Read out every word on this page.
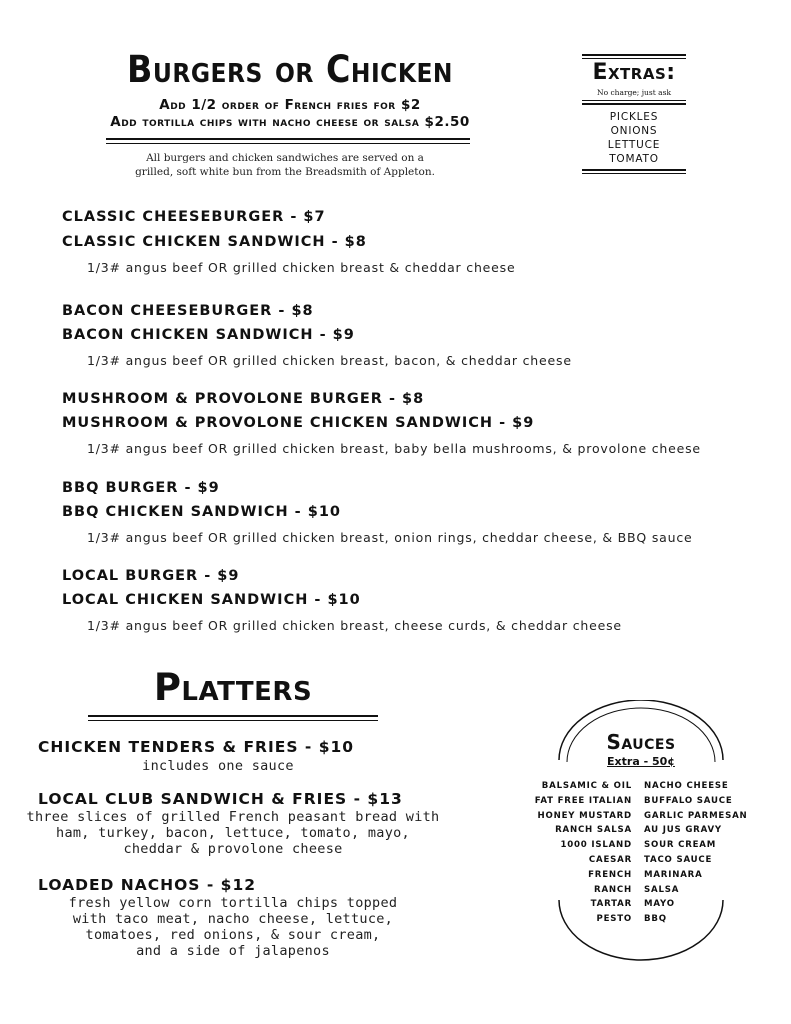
Burgers or Chicken
Add 1/2 order of French fries for $2
Add tortilla chips with nacho cheese or salsa $2.50
All burgers and chicken sandwiches are served on a
grilled, soft white bun from the Breadsmith of Appleton.
Extras:
No charge; just ask
PICKLES
ONIONS
LETTUCE
TOMATO
CLASSIC CHEESEBURGER - $7
CLASSIC CHICKEN SANDWICH - $8
1/3# angus beef OR grilled chicken breast & cheddar cheese
BACON CHEESEBURGER - $8
BACON CHICKEN SANDWICH - $9
1/3# angus beef OR grilled chicken breast, bacon, & cheddar cheese
MUSHROOM & PROVOLONE BURGER - $8
MUSHROOM & PROVOLONE CHICKEN SANDWICH - $9
1/3# angus beef OR grilled chicken breast, baby bella mushrooms, & provolone cheese
BBQ BURGER - $9
BBQ CHICKEN SANDWICH - $10
1/3# angus beef OR grilled chicken breast, onion rings, cheddar cheese, & BBQ sauce
LOCAL BURGER - $9
LOCAL CHICKEN SANDWICH - $10
1/3# angus beef OR grilled chicken breast, cheese curds, & cheddar cheese
Platters
CHICKEN TENDERS & FRIES - $10
includes one sauce
LOCAL CLUB SANDWICH & FRIES - $13
three slices of grilled French peasant bread with
ham, turkey, bacon, lettuce, tomato, mayo,
cheddar & provolone cheese
LOADED NACHOS - $12
fresh yellow corn tortilla chips topped
with taco meat, nacho cheese, lettuce,
tomatoes, red onions, & sour cream,
and a side of jalapenos
Sauces
Extra - 50¢
BALSAMIC & OIL
FAT FREE ITALIAN
HONEY MUSTARD
RANCH SALSA
1000 ISLAND
CAESAR
FRENCH
RANCH
TARTAR
PESTO
NACHO CHEESE
BUFFALO SAUCE
GARLIC PARMESAN
AU JUS GRAVY
SOUR CREAM
TACO SAUCE
MARINARA
SALSA
MAYO
BBQ
